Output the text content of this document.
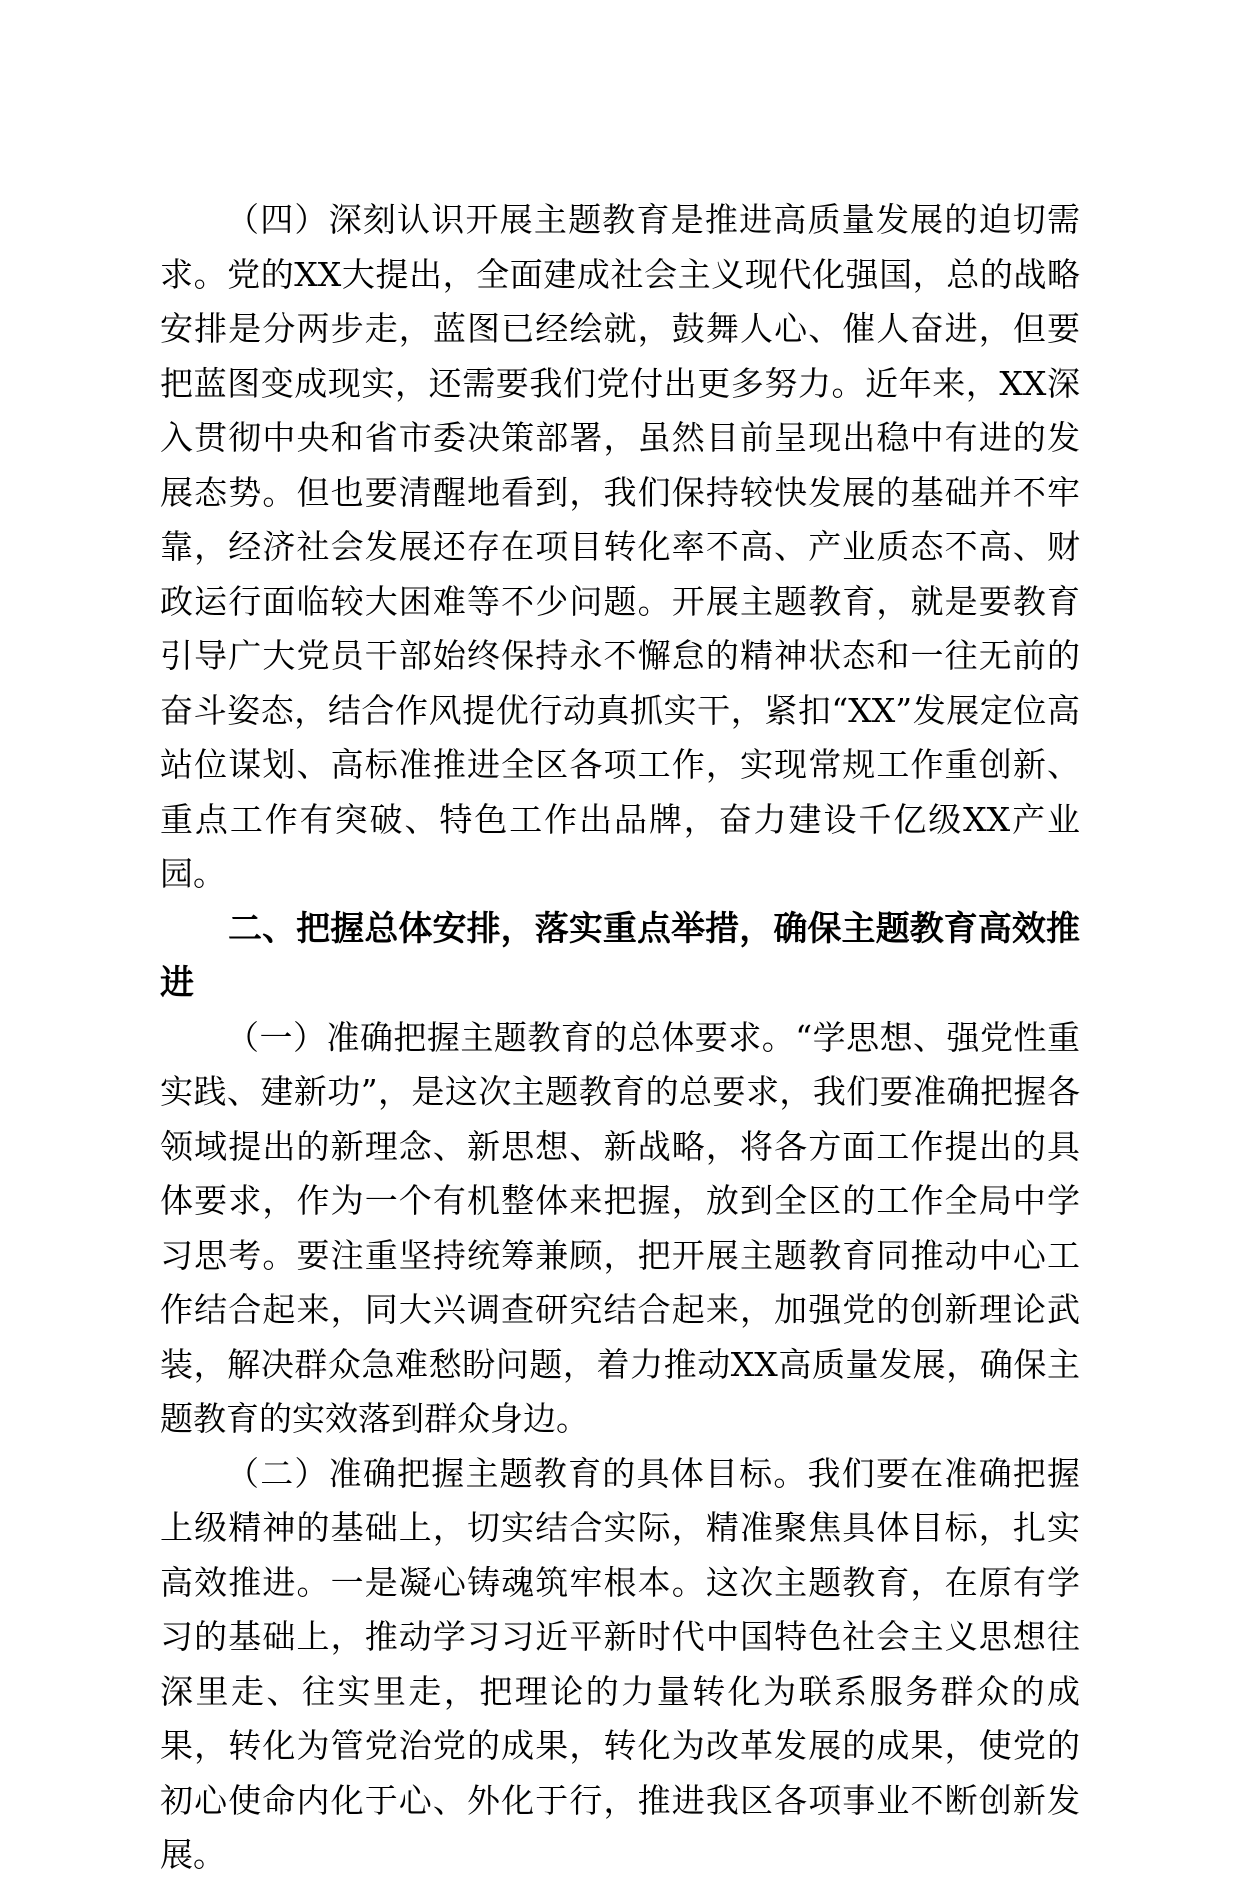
（四）深刻认识开展主题教育是推进高质量发展的迫切需求。党的XX大提出，全面建成社会主义现代化强国，总的战略安排是分两步走，蓝图已经绘就，鼓舞人心、催人奋进，但要把蓝图变成现实，还需要我们党付出更多努力。近年来，XX深入贯彻中央和省市委决策部署，虽然目前呈现出稳中有进的发展态势。但也要清醒地看到，我们保持较快发展的基础并不牢靠，经济社会发展还存在项目转化率不高、产业质态不高、财政运行面临较大困难等不少问题。开展主题教育，就是要教育引导广大党员干部始终保持永不懈怠的精神状态和一往无前的奋斗姿态，结合作风提优行动真抓实干，紧扣“XX”发展定位高站位谋划、高标准推进全区各项工作，实现常规工作重创新、重点工作有突破、特色工作出品牌，奋力建设千亿级XX产业园。

二、把握总体安排，落实重点举措，确保主题教育高效推进

（一）准确把握主题教育的总体要求。“学思想、强党性重实践、建新功”，是这次主题教育的总要求，我们要准确把握各领域提出的新理念、新思想、新战略，将各方面工作提出的具体要求，作为一个有机整体来把握，放到全区的工作全局中学习思考。要注重坚持统筹兼顾，把开展主题教育同推动中心工作结合起来，同大兴调查研究结合起来，加强党的创新理论武装，解决群众急难愁盼问题，着力推动XX高质量发展，确保主题教育的实效落到群众身边。

（二）准确把握主题教育的具体目标。我们要在准确把握上级精神的基础上，切实结合实际，精准聚焦具体目标，扎实高效推进。一是凝心铸魂筑牢根本。这次主题教育，在原有学习的基础上，推动学习习近平新时代中国特色社会主义思想往深里走、往实里走，把理论的力量转化为联系服务群众的成果，转化为管党治党的成果，转化为改革发展的成果，使党的初心使命内化于心、外化于行，推进我区各项事业不断创新发展。
